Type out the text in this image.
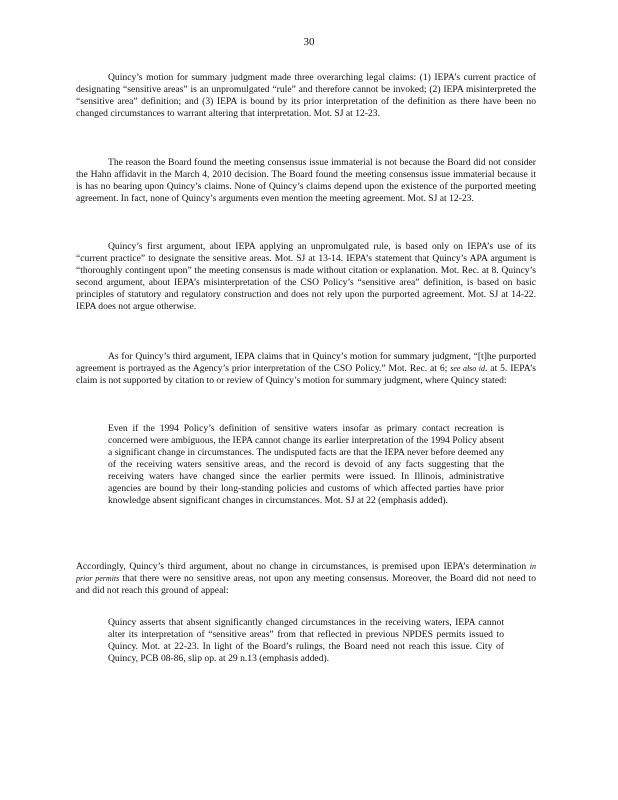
30

Quincy’s motion for summary judgment made three overarching legal claims: (1) IEPA’s current practice of designating “sensitive areas” is an unpromulgated “rule” and therefore cannot be invoked; (2) IEPA misinterpreted the “sensitive area” definition; and (3) IEPA is bound by its prior interpretation of the definition as there have been no changed circumstances to warrant altering that interpretation. Mot. SJ at 12-23.

The reason the Board found the meeting consensus issue immaterial is not because the Board did not consider the Hahn affidavit in the March 4, 2010 decision. The Board found the meeting consensus issue immaterial because it is has no bearing upon Quincy’s claims. None of Quincy’s claims depend upon the existence of the purported meeting agreement. In fact, none of Quincy’s arguments even mention the meeting agreement. Mot. SJ at 12-23.

Quincy’s first argument, about IEPA applying an unpromulgated rule, is based only on IEPA’s use of its “current practice” to designate the sensitive areas. Mot. SJ at 13-14. IEPA’s statement that Quincy’s APA argument is “thoroughly contingent upon” the meeting consensus is made without citation or explanation. Mot. Rec. at 8. Quincy’s second argument, about IEPA’s misinterpretation of the CSO Policy’s “sensitive area” definition, is based on basic principles of statutory and regulatory construction and does not rely upon the purported agreement. Mot. SJ at 14-22. IEPA does not argue otherwise.

As for Quincy’s third argument, IEPA claims that in Quincy’s motion for summary judgment, “[t]he purported agreement is portrayed as the Agency’s prior interpretation of the CSO Policy.” Mot. Rec. at 6; see also id. at 5. IEPA’s claim is not supported by citation to or review of Quincy’s motion for summary judgment, where Quincy stated:

Even if the 1994 Policy’s definition of sensitive waters insofar as primary contact recreation is concerned were ambiguous, the IEPA cannot change its earlier interpretation of the 1994 Policy absent a significant change in circumstances. The undisputed facts are that the IEPA never before deemed any of the receiving waters sensitive areas, and the record is devoid of any facts suggesting that the receiving waters have changed since the earlier permits were issued. In Illinois, administrative agencies are bound by their long-standing policies and customs of which affected parties have prior knowledge absent significant changes in circumstances. Mot. SJ at 22 (emphasis added).

Accordingly, Quincy’s third argument, about no change in circumstances, is premised upon IEPA’s determination in prior permits that there were no sensitive areas, not upon any meeting consensus. Moreover, the Board did not need to and did not reach this ground of appeal:

Quincy asserts that absent significantly changed circumstances in the receiving waters, IEPA cannot alter its interpretation of “sensitive areas” from that reflected in previous NPDES permits issued to Quincy. Mot. at 22-23. In light of the Board’s rulings, the Board need not reach this issue. City of Quincy, PCB 08-86, slip op. at 29 n.13 (emphasis added).
